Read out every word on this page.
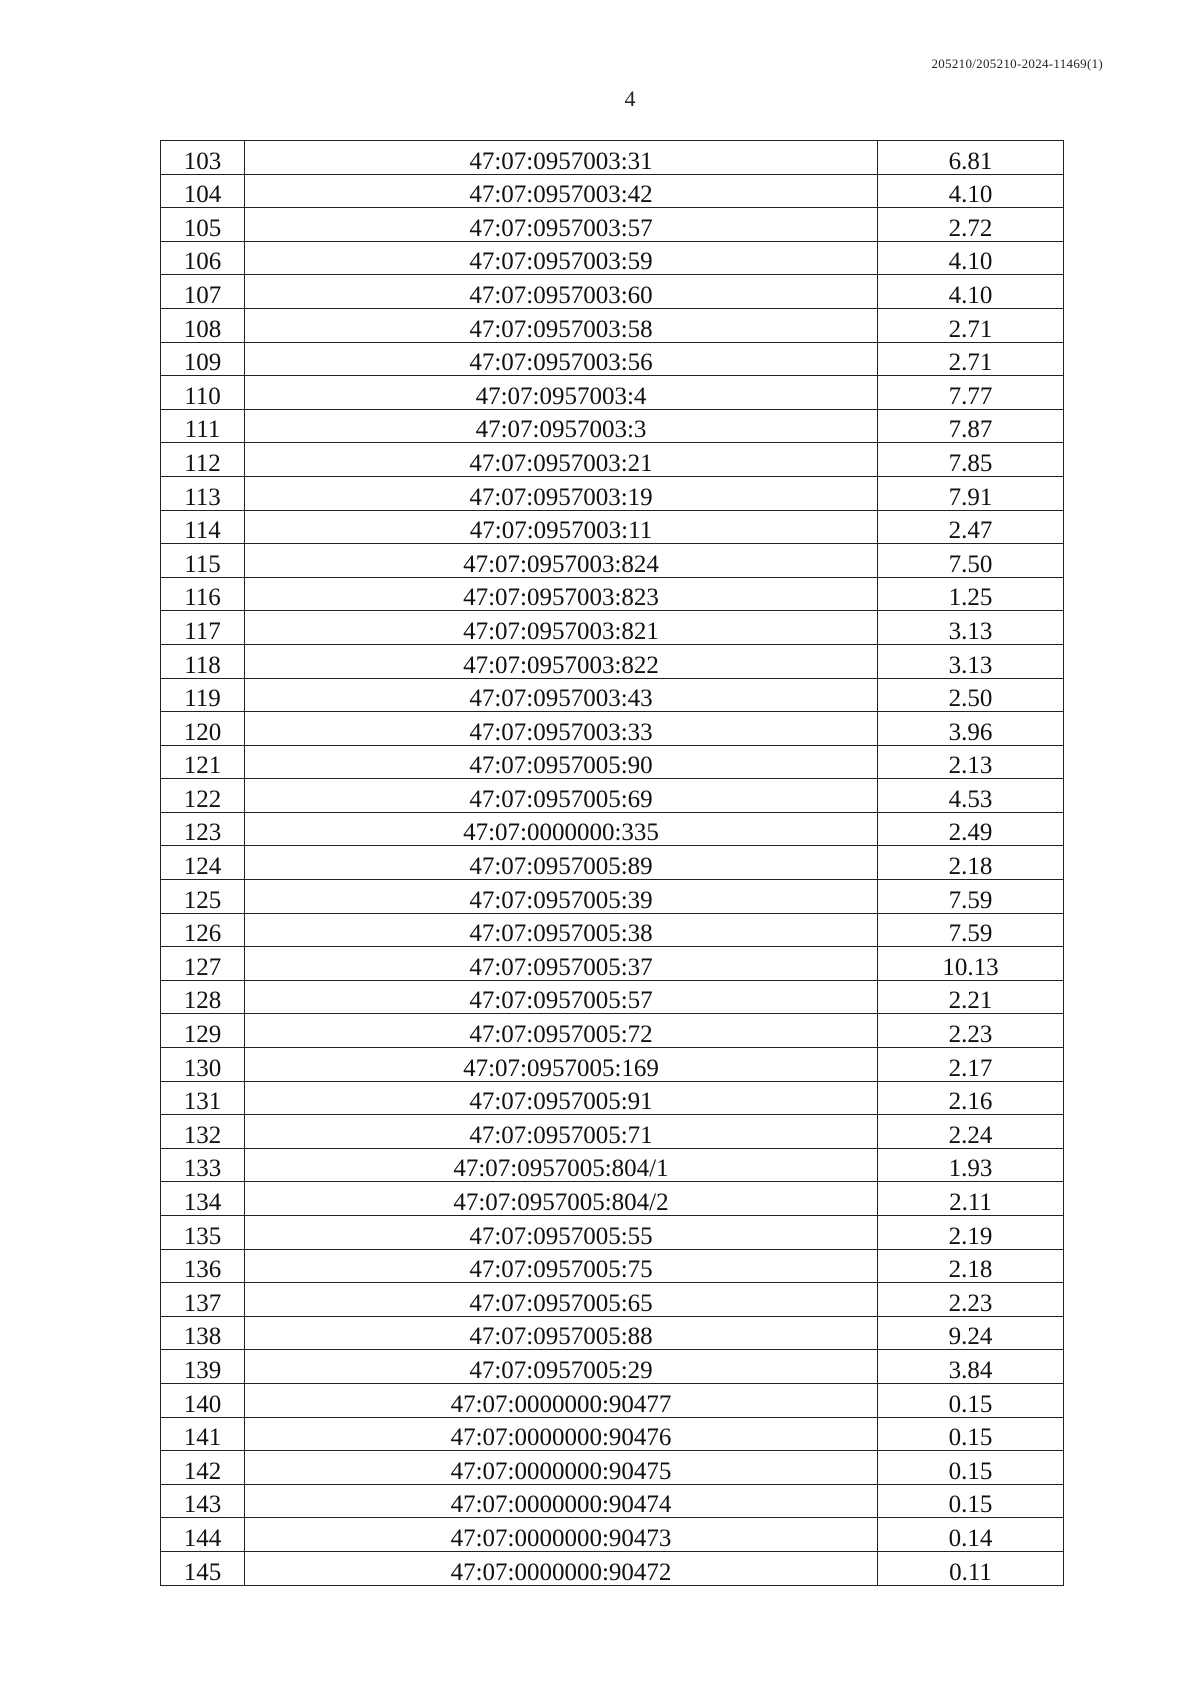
205210/205210-2024-11469(1)
4
103	47:07:0957003:31	6.81
104	47:07:0957003:42	4.10
105	47:07:0957003:57	2.72
106	47:07:0957003:59	4.10
107	47:07:0957003:60	4.10
108	47:07:0957003:58	2.71
109	47:07:0957003:56	2.71
110	47:07:0957003:4	7.77
111	47:07:0957003:3	7.87
112	47:07:0957003:21	7.85
113	47:07:0957003:19	7.91
114	47:07:0957003:11	2.47
115	47:07:0957003:824	7.50
116	47:07:0957003:823	1.25
117	47:07:0957003:821	3.13
118	47:07:0957003:822	3.13
119	47:07:0957003:43	2.50
120	47:07:0957003:33	3.96
121	47:07:0957005:90	2.13
122	47:07:0957005:69	4.53
123	47:07:0000000:335	2.49
124	47:07:0957005:89	2.18
125	47:07:0957005:39	7.59
126	47:07:0957005:38	7.59
127	47:07:0957005:37	10.13
128	47:07:0957005:57	2.21
129	47:07:0957005:72	2.23
130	47:07:0957005:169	2.17
131	47:07:0957005:91	2.16
132	47:07:0957005:71	2.24
133	47:07:0957005:804/1	1.93
134	47:07:0957005:804/2	2.11
135	47:07:0957005:55	2.19
136	47:07:0957005:75	2.18
137	47:07:0957005:65	2.23
138	47:07:0957005:88	9.24
139	47:07:0957005:29	3.84
140	47:07:0000000:90477	0.15
141	47:07:0000000:90476	0.15
142	47:07:0000000:90475	0.15
143	47:07:0000000:90474	0.15
144	47:07:0000000:90473	0.14
145	47:07:0000000:90472	0.11
